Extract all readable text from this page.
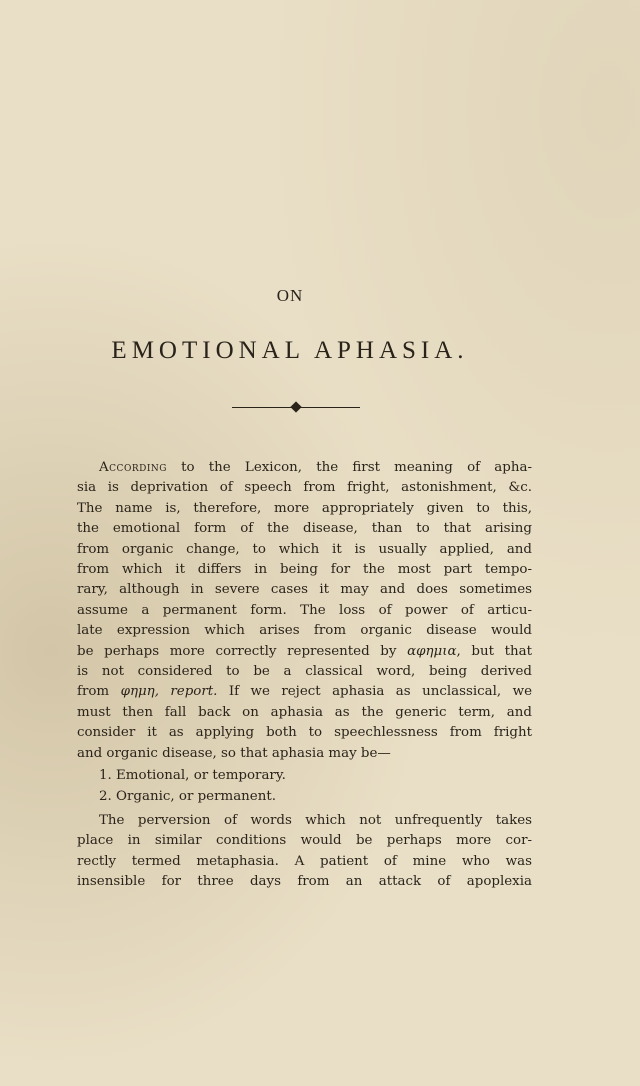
ON
EMOTIONAL APHASIA.
According to the Lexicon, the first meaning of apha-
sia is deprivation of speech from fright, astonishment, &c.
The name is, therefore, more appropriately given to this,
the emotional form of the disease, than to that arising
from organic change, to which it is usually applied, and
from which it differs in being for the most part tempo-
rary, although in severe cases it may and does sometimes
assume a permanent form. The loss of power of articu-
late expression which arises from organic disease would
be perhaps more correctly represented by αφημια, but that
is not considered to be a classical word, being derived
from φημη, report. If we reject aphasia as unclassical, we
must then fall back on aphasia as the generic term, and
consider it as applying both to speechlessness from fright
and organic disease, so that aphasia may be—
1. Emotional, or temporary.
2. Organic, or permanent.
The perversion of words which not unfrequently takes
place in similar conditions would be perhaps more cor-
rectly termed metaphasia. A patient of mine who was
insensible for three days from an attack of apoplexia
